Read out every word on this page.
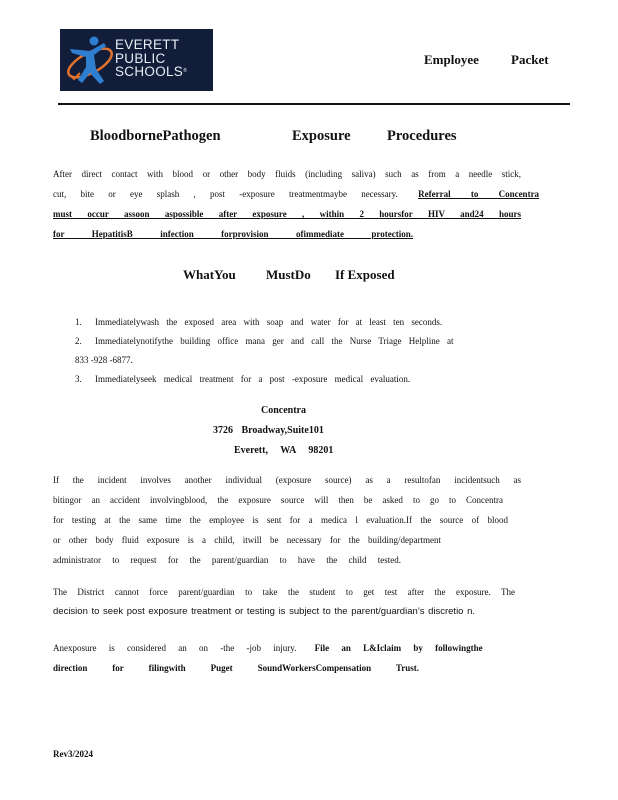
EVERETT
PUBLIC
SCHOOLS®
Employee Packet
BloodbornePathogen	Exposure	Procedures
After direct contact with blood or other body fluids (including saliva) such as from a needle stick,
cut, bite or eye splash , post -exposure treatmentmaybe necessary. Referral to Concentra
must occur assoon aspossible after exposure , within 2 hoursfor HIV and24 hours
for HepatitisB infection forprovision ofimmediate protection.
WhatYou MustDo If Exposed
1.	Immediatelywash the exposed area with soap and water for at least ten seconds.
2.	Immediatelynotifythe building office mana ger and call the Nurse Triage Helpline at
833 -928 -6877.
3.	Immediatelyseek medical treatment for a post -exposure medical evaluation.
Concentra
3726 Broadway,Suite101
Everett, WA 98201
If the incident involves another individual (exposure source) as a resultofan incidentsuch as
bitingor an accident involvingblood, the exposure source will then be asked to go to Concentra
for testing at the same time the employee is sent for a medica l evaluation.If the source of blood
or other body fluid exposure is a child, itwill be necessary for the building/department
administrator to request for the parent/guardian to have the child tested.
The District cannot force parent/guardian to take the student to get test after the exposure. The
decision to seek post exposure treatment or testing is subject to the parent/guardian’s discretio n.
Anexposure is considered an on -the -job injury. File an L&Iclaim by followingthe
direction for filingwith Puget SoundWorkersCompensation Trust.
Rev3/2024
